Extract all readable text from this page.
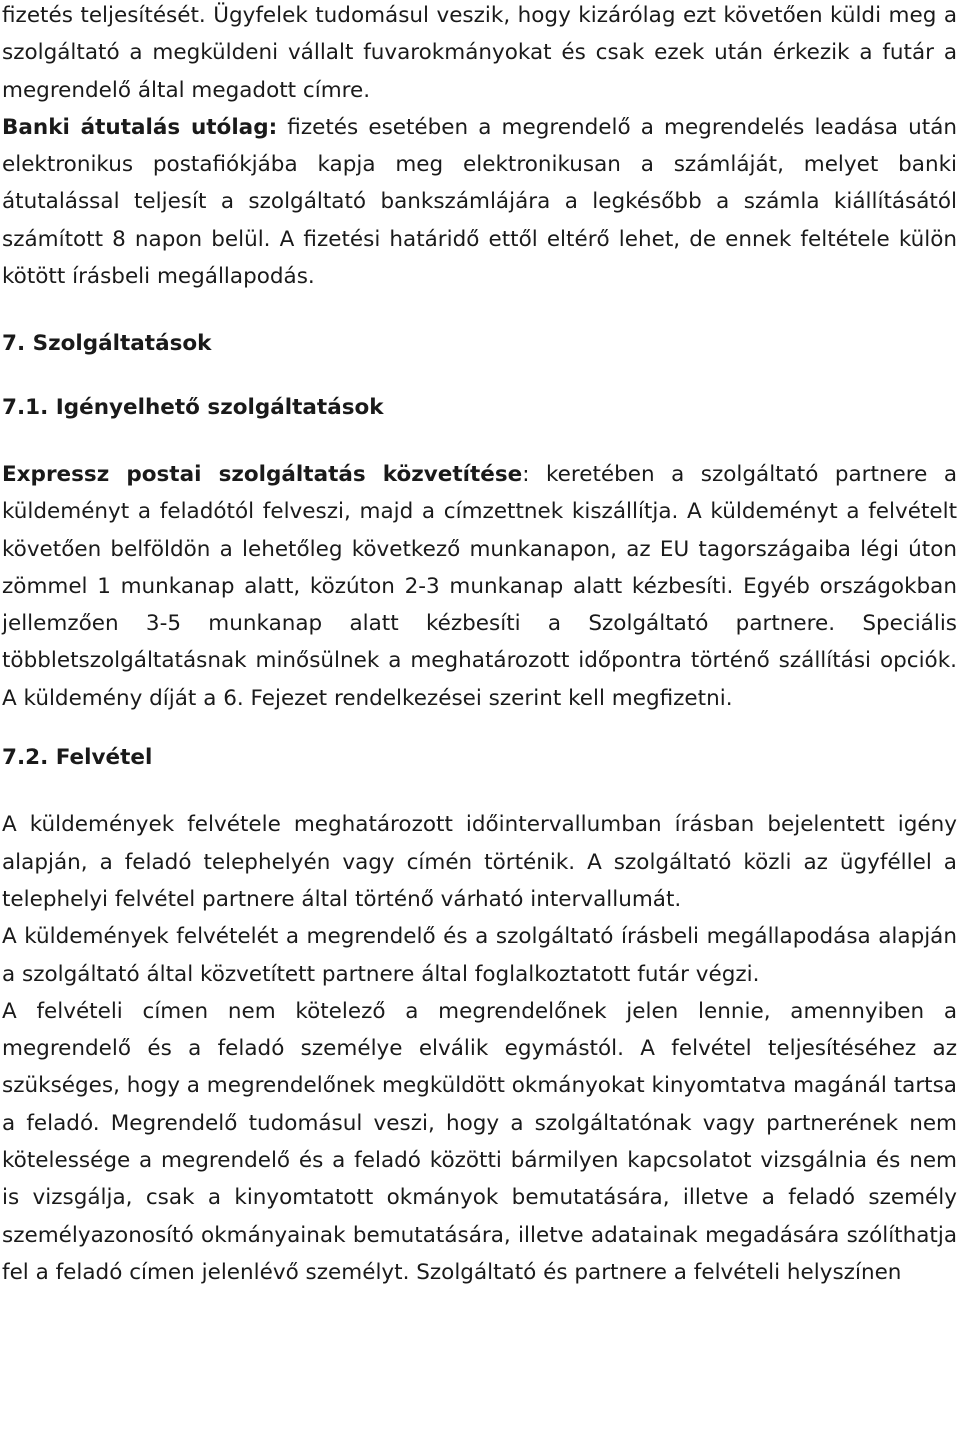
fizetés teljesítését. Ügyfelek tudomásul veszik, hogy kizárólag ezt követően küldi meg a szolgáltató a megküldeni vállalt fuvarokmányokat és csak ezek után érkezik a futár a megrendelő által megadott címre.

Banki átutalás utólag: fizetés esetében a megrendelő a megrendelés leadása után elektronikus postafiókjába kapja meg elektronikusan a számláját, melyet banki átutalással teljesít a szolgáltató bankszámlájára a legkésőbb a számla kiállításától számított 8 napon belül. A fizetési határidő ettől eltérő lehet, de ennek feltétele külön kötött írásbeli megállapodás.

7. Szolgáltatások

7.1. Igényelhető szolgáltatások

Expressz postai szolgáltatás közvetítése: keretében a szolgáltató partnere a küldeményt a feladótól felveszi, majd a címzettnek kiszállítja. A küldeményt a felvételt követően belföldön a lehetőleg következő munkanapon, az EU tagországaiba légi úton zömmel 1 munkanap alatt, közúton 2-3 munkanap alatt kézbesíti. Egyéb országokban jellemzően 3-5 munkanap alatt kézbesíti a Szolgáltató partnere. Speciális többletszolgáltatásnak minősülnek a meghatározott időpontra történő szállítási opciók. A küldemény díját a 6. Fejezet rendelkezései szerint kell megfizetni.

7.2. Felvétel

A küldemények felvétele meghatározott időintervallumban írásban bejelentett igény alapján, a feladó telephelyén vagy címén történik. A szolgáltató közli az ügyféllel a telephelyi felvétel partnere által történő várható intervallumát.

A küldemények felvételét a megrendelő és a szolgáltató írásbeli megállapodása alapján a szolgáltató által közvetített partnere által foglalkoztatott futár végzi.

A felvételi címen nem kötelező a megrendelőnek jelen lennie, amennyiben a megrendelő és a feladó személye elválik egymástól. A felvétel teljesítéséhez az szükséges, hogy a megrendelőnek megküldött okmányokat kinyomtatva magánál tartsa a feladó. Megrendelő tudomásul veszi, hogy a szolgáltatónak vagy partnerének nem kötelessége a megrendelő és a feladó közötti bármilyen kapcsolatot vizsgálnia és nem is vizsgálja, csak a kinyomtatott okmányok bemutatására, illetve a feladó személy személyazonosító okmányainak bemutatására, illetve adatainak megadására szólíthatja fel a feladó címen jelenlévő személyt. Szolgáltató és partnere a felvételi helyszínen
